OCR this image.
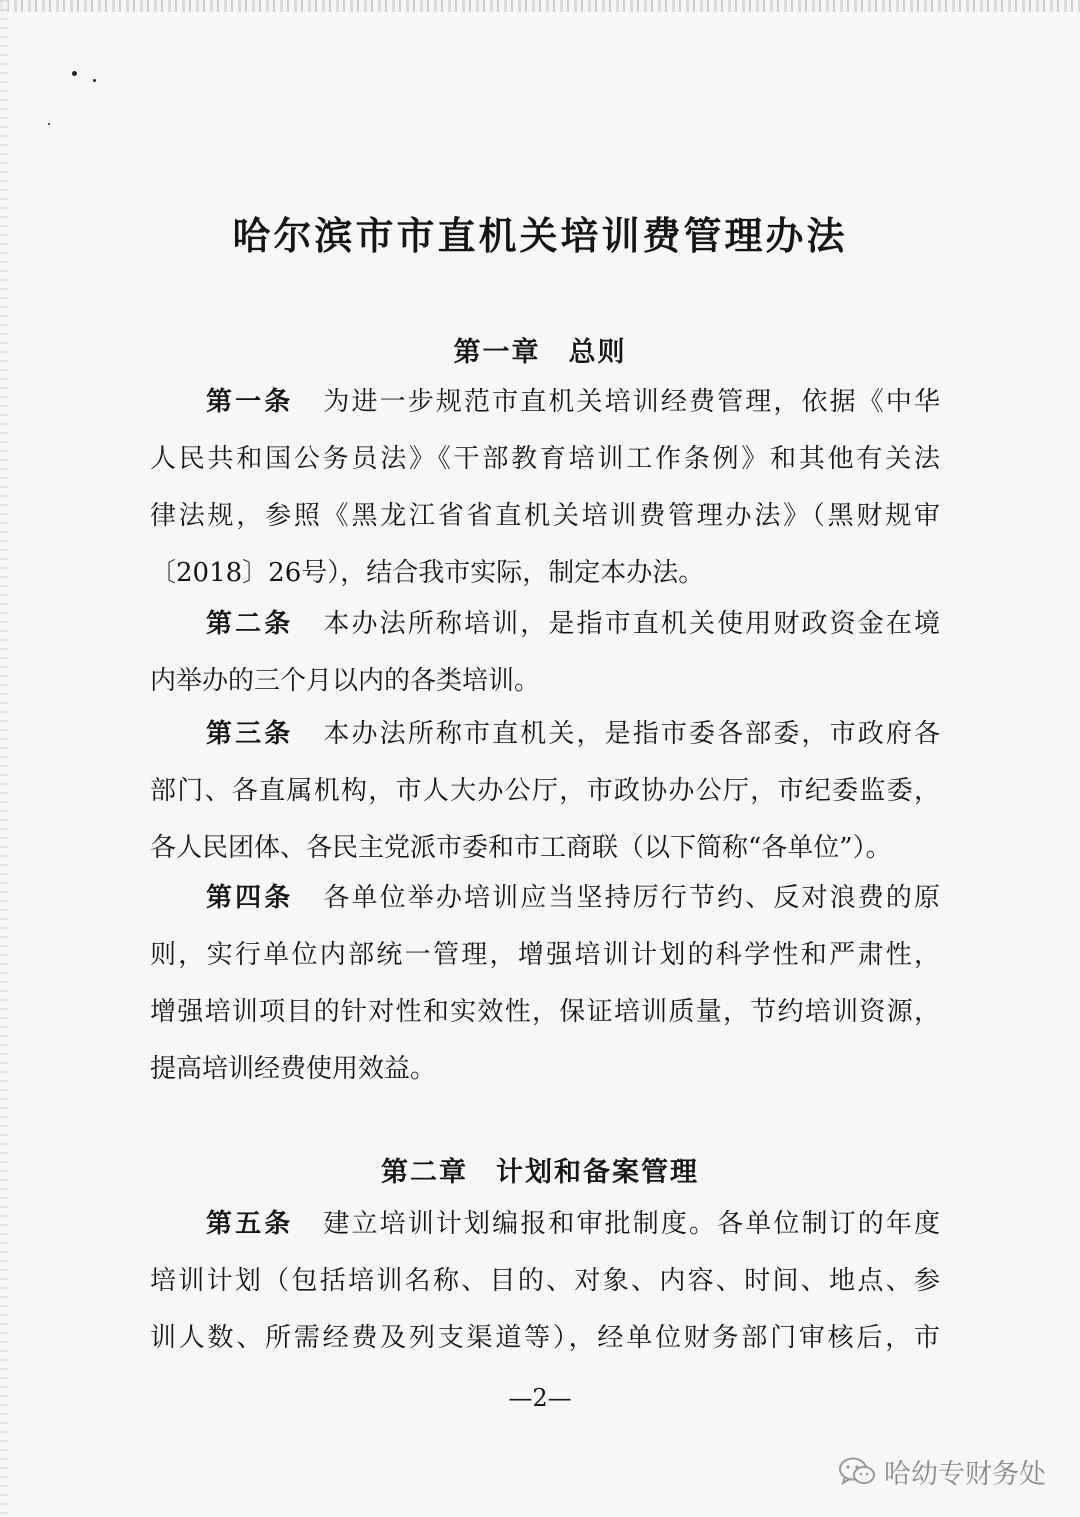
哈尔滨市市直机关培训费管理办法
第一章 总则
第一条 为进一步规范市直机关培训经费管理，依据《中华
人民共和国公务员法》《干部教育培训工作条例》和其他有关法
律法规，参照《黑龙江省省直机关培训费管理办法》（黑财规审
〔2018〕26号），结合我市实际，制定本办法。
第二条 本办法所称培训，是指市直机关使用财政资金在境
内举办的三个月以内的各类培训。
第三条 本办法所称市直机关，是指市委各部委，市政府各
部门、各直属机构，市人大办公厅，市政协办公厅，市纪委监委，
各人民团体、各民主党派市委和市工商联（以下简称“各单位”）。
第四条 各单位举办培训应当坚持厉行节约、反对浪费的原
则，实行单位内部统一管理，增强培训计划的科学性和严肃性，
增强培训项目的针对性和实效性，保证培训质量，节约培训资源，
提高培训经费使用效益。
第二章 计划和备案管理
第五条 建立培训计划编报和审批制度。各单位制订的年度
培训计划（包括培训名称、目的、对象、内容、时间、地点、参
训人数、所需经费及列支渠道等），经单位财务部门审核后，市
—2—
哈幼专财务处
